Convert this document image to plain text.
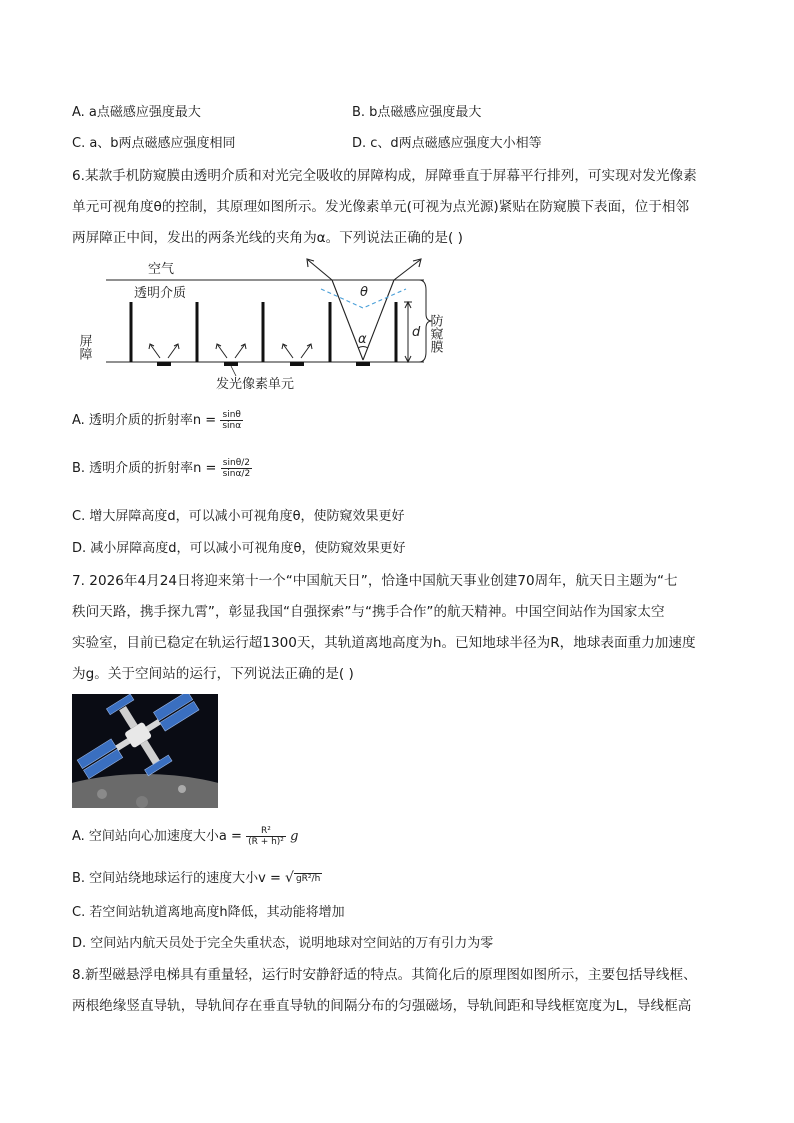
A. a点磁感应强度最大	B. b点磁感应强度最大
C. a、b两点磁感应强度相同	D. c、d两点磁感应强度大小相等
6.某款手机防窥膜由透明介质和对光完全吸收的屏障构成，屏障垂直于屏幕平行排列，可实现对发光像素
单元可视角度θ的控制，其原理如图所示。发光像素单元(可视为点光源)紧贴在防窥膜下表面，位于相邻
两屏障正中间，发出的两条光线的夹角为α。下列说法正确的是( )
空气
透明介质	θ
α	d 防窥膜
屏障
发光像素单元
A. 透明介质的折射率$n = \frac{\sin\theta}{\sin\alpha}$
B. 透明介质的折射率$n = \frac{\sin\theta/2}{\sin\alpha/2}$
C. 增大屏障高度d，可以减小可视角度θ，使防窥效果更好
D. 减小屏障高度d，可以减小可视角度θ，使防窥效果更好
7. 2026年4月24日将迎来第十一个“中国航天日”，恰逢中国航天事业创建70周年，航天日主题为“七
秩问天路，携手探九霄”，彰显我国“自强探索”与“携手合作”的航天精神。中国空间站作为国家太空
实验室，目前已稳定在轨运行超1300天，其轨道离地高度为h。已知地球半径为R，地球表面重力加速度
为g。关于空间站的运行，下列说法正确的是( )
A. 空间站向心加速度大小$a = \frac{\text{R²}}{\text{(R + h)²}}$ g
B. 空间站绕地球运行的速度大小v = √ gR²/h
C. 若空间站轨道离地高度h降低，其动能将增加
D. 空间站内航天员处于完全失重状态，说明地球对空间站的万有引力为零
8.新型磁悬浮电梯具有重量轻，运行时安静舒适的特点。其简化后的原理图如图所示，主要包括导线框、
两根绝缘竖直导轨，导轨间存在垂直导轨的间隔分布的匀强磁场，导轨间距和导线框宽度为L，导线框高
